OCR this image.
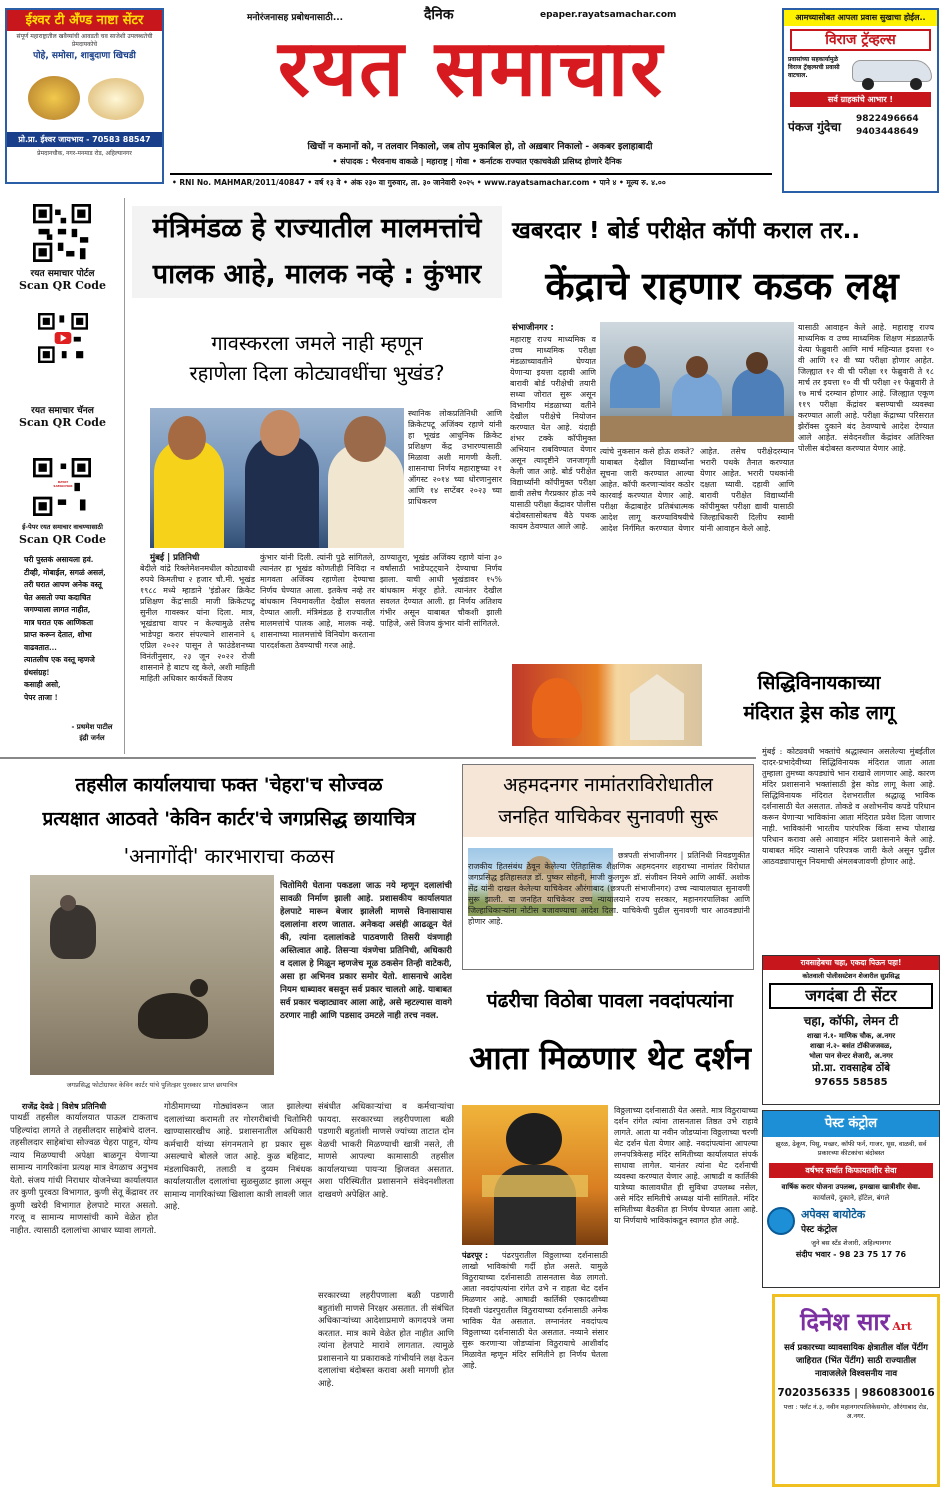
ईश्वर टी अँण्ड नाष्टा सेंटर
संपूर्ण महाराष्ट्रातील खवैय्यांची आवडती चव साजेशी उपलब्धतेची प्रेमदायकोचे
पोहे, समोसा, शाबुदाणा खिचडी
प्रो.प्रा. ईश्वर जायभाय - 70583 88547
प्रेमदानचौक, नगर-मनमाड रोड, अहिल्यानगर
मनोरंजनासह प्रबोधनासाठी...	दैनिक	epaper.rayatsamachar.com
रयत समाचार
खिचों न कमानों को, न तलवार निकालो, जब तोप मुकाबिल हो, तो अख़बार निकालो - अकबर इलाहाबादी
• संपादक : भैरवनाथ वाकळे | महाराष्ट्र | गोवा • कर्नाटक राज्यात एकाचवेळी प्रसिध्द होणारे दैनिक
• RNI No. MAHMAR/2011/40847 • वर्ष १३ वे • अंक २३० वा गुरुवार, ता. ३० जानेवारी २०२५ • www.rayatsamachar.com • पाने ४ • मूल्य रु. ४.००
आमच्यासोबत आपला प्रवास सुखाचा होईल..
विराज ट्रॅव्हल्स
प्रवासांच्या सहकार्यामुळे विराज ट्रॅव्हल्सची प्रवासी वाटचाल.
सर्व ग्राहकांचे आभार !
पंकज गुंदेचा
9822496664
9403448649
रयत समाचार पोर्टल
Scan QR Code
रयत समाचार चॅनल
Scan QR Code
RAYAT SAMACHAR
ई-पेपर रयत समाचार वाचण्यासाठी
Scan QR Code
घरी पुस्तकं असायला हवं.
टीव्ही, मोबाईल, सगळं असलं,
तरी घरात आपण अनेक वस्तू
घेत असतो ज्या कदाचित
जगण्याला लागत नाहीत,
मात्र घरात एक आणिकता
प्राप्त करून देतात, शोभा
वाढवतात...
त्यातलीच एक वस्तू म्हणजे
ग्रंथसंग्रह!
कसाही असो,
पेपर ताजा !
- प्रथमेश पाटील
इंद्री जर्नल
मंत्रिमंडळ हे राज्यातील मालमत्तांचे
पालक आहे, मालक नव्हे : कुंभार
गावस्करला जमले नाही म्हणून
रहाणेला दिला कोट्यावधींचा भुखंड?
स्थानिक लोकप्रतिनिधी आणि क्रिकेटपटू अजिंक्य रहाणे यांनी हा भूखंड आधुनिक क्रिकेट प्रशिक्षण केंद्र उभारण्यासाठी मिळावा अशी मागणी केली. शासनाचा निर्णय महाराष्ट्रच्या २१ ऑगस्ट २०१४ च्या धोरणानुसार आणि १४ सप्टेंबर २०२३ च्या प्राधिकरण
मुंबई | प्रतिनिधी
बेदीले वांद्रे रिक्लेमेशनमधील कोट्यावधी रुपये किमतीचा २ हजार चौ.मी. भूखंड १९८८ मध्ये म्हाडाने 'इंडोअर क्रिकेट प्रशिक्षण केंद्र'साठी माजी क्रिकेटपटू सुनील गावस्कर यांना दिला. मात्र, भूखंडाचा वापर न केल्यामुळे तसेच भाडेपट्टा करार संपल्याने शासनाने ६ एप्रिल २०२२ पासून ते फाउंडेशनच्या विनंतीनुसार, २३ जून २०२२ रोजी शासनाने हे बाटप रद्द केले, अशी माहिती माहिती अधिकार कार्यकर्ते विजय
कुंभार यांनी दिली. त्यांनी पुढे सांगितले, त्यानंतर हा भूखंड कोणतीही निविदा न मागवता अजिंक्य रहाणेला देण्याचा निर्णय घेण्यात आला. इतकेच नव्हे तर बांधकाम नियमावलीत देखील सवलत देण्यात आली. मंत्रिमंडळ हे राज्यातील मालमत्तांचे पालक आहे, मालक नव्हे. शासनाच्या मालमत्तांचे विनियोग करताना पारदर्शकता ठेवण्याची गरज आहे.
ठाण्यातुरा, भूखंड अजिंक्य रहाणे यांना ३० वर्षांसाठी भाडेपट्ट्याने देण्याचा निर्णय झाला. याची आधी भूखंडावर १५% बांधकाम मंजूर होते. त्यानंतर देखील सवलत देण्यात आली. हा निर्णय अतिशय गंभीर असून याबाबत चौकशी झाली पाहिजे, असे विजय कुंभार यांनी सांगितले.
खबरदार ! बोर्ड परीक्षेत कॉपी कराल तर..
केंद्राचे राहणार कडक लक्ष
संभाजीनगर :
महाराष्ट्र राज्य माध्यमिक व उच्च माध्यमिक परीक्षा मंडळाच्यावतीने घेण्यात येणाऱ्या इयत्ता दहावी आणि बारावी बोर्ड परीक्षेची तयारी सध्या जोरात सुरू असून विभागीय मंडळाच्या वतीने देखील परीक्षेचे नियोजन करण्यात येत आहे. यंदाही शंभर टक्के कॉपीमुक्त अभियान राबविण्यात येणार असून त्यादृष्टीने जनजागृती केली जात आहे. बोर्ड परीक्षेत विद्यार्थ्यांनी कॉपीमुक्त परीक्षा द्यावी तसेच गैरप्रकार होऊ नये यासाठी परीक्षा केंद्रावर पोलीस बंदोबस्तासोबतच बैठे पथक कायम ठेवण्यात आले आहे.
त्यांचे नुकसान कसे होऊ शकते? याबाबत देखील विद्यार्थ्यांना सूचना जारी करण्यात आल्या आहेत. कॉपी करणाऱ्यांवर कठोर कारवाई करण्यात येणार आहे. परीक्षा केंद्राबाहेर प्रतिबंधात्मक आदेश लागू करण्याविषयीचे आदेश निर्गमित करण्यात येणार आहेत. तसेच परीक्षेदरम्यान भरारी पथके तैनात करण्यात येणार आहेत. भरारी पथकांनी दक्षता घ्यावी. दहावी आणि बारावी परीक्षेत विद्यार्थ्यांनी कॉपीमुक्त परीक्षा द्यावी यासाठी जिल्हाधिकारी दिलीप स्वामी यांनी आवाहन केले आहे.
यासाठी आवाहन केले आहे. महाराष्ट्र राज्य माध्यमिक व उच्च माध्यमिक शिक्षण मंडळातर्फे येत्या फेब्रुवारी आणि मार्च महिन्यात इयत्ता १० वी आणि १२ वी च्या परीक्षा होणार आहेत. जिल्ह्यात १२ वी ची परीक्षा ११ फेब्रुवारी ते १८ मार्च तर इयत्ता १० वी ची परीक्षा २१ फेब्रुवारी ते १७ मार्च दरम्यान होणार आहे. जिल्ह्यात एकूण ११९ परीक्षा केंद्रांवर बसण्याची व्यवस्था करण्यात आली आहे. परीक्षा केंद्राच्या परिसरात झेरॉक्स दुकाने बंद ठेवण्याचे आदेश देण्यात आले आहेत. संवेदनशील केंद्रांवर अतिरिक्त पोलीस बंदोबस्त करण्यात येणार आहे.
सिद्धिविनायकाच्या
मंदिरात ड्रेस कोड लागू
मुंबई : कोट्यवधी भक्तांचे श्रद्धास्थान असलेल्या मुंबईतील दादर-प्रभादेवीच्या सिद्धिविनायक मंदिरात जाता आता तुम्हाला तुमच्या कपड्यांचे भान राखावे लागणार आहे. कारण मंदिर प्रशासनाने भक्तांसाठी ड्रेस कोड लागू केला आहे. सिद्धिविनायक मंदिरात देशभरातील श्रद्धाळू भाविक दर्शनासाठी येत असतात. तोकडे व अशोभनीय कपडे परिधान करून येणाऱ्या भाविकांना आता मंदिरात प्रवेश दिला जाणार नाही. भाविकांनी भारतीय पारंपरिक किंवा सभ्य पोशाख परिधान करावा असे आवाहन मंदिर प्रशासनाने केले आहे. याबाबत मंदिर न्यासाने परिपत्रक जारी केले असून पुढील आठवड्यापासून नियमाची अंमलबजावणी होणार आहे.
तहसील कार्यालयाचा फक्त 'चेहरा'च सोज्वळ
प्रत्यक्षात आठवते 'केविन कार्टर'चे जगप्रसिद्ध छायाचित्र
'अनागोंदी' कारभाराचा कळस
जगप्रसिद्ध फोटोग्राफर केविन कार्टर यांचे पुलित्झर पुरस्कार प्राप्त छायाचित्र
चितोमिरी घेताना पकडला जाऊ नये म्हणून दलालांची सावळी निर्माण झाली आहे. प्रशासकीय कार्यालयात हेलपाटे मारून बेजार झालेली माणसे विनासायास दलालांना शरण जातात. अनेकदा असंही आढळून येतं की, त्यांना दलालांकडे पाठवणारी तिसरी यंत्रणाही अस्तित्वात आहे. तिसऱ्या यंत्रणेचा प्रतिनिधी, अधिकारी व दलाल हे मिळून म्हणजेच मूळ ठकसेन तिन्ही वाटेकरी, असा हा अभिनव प्रकार समोर येतो. शासनाचे आदेश नियम धाब्यावर बसवून सर्व प्रकार चालतो आहे. याबाबत सर्व प्रकार चव्हाट्यावर आला आहे, असे म्हटल्यास वावगे ठरणार नाही आणि पडसाद उमटले नाही तरच नवल.
राजेंद्र देवढे | विशेष प्रतिनिधी
पाथर्डी तहसील कार्यालयात पाऊल टाकताच पहिल्यांदा लागते ते तहसीलदार साहेबांचे दालन. तहसीलदार साहेबांचा सोज्वळ चेहरा पाहून, योग्य न्याय मिळण्याची अपेक्षा बाळगून येणाऱ्या सामान्य नागरिकांना प्रत्यक्ष मात्र वेगळाच अनुभव येतो. संजय गांधी निराधार योजनेच्या कार्यालयात तर कुणी पुरवठा विभागात, कुणी सेतू केंद्रावर तर कुणी खरेदी विभागात हेलपाटे मारत असतो. गरजू व सामान्य माणसांची कामे वेळेत होत नाहीत. त्यासाठी दलालांचा आधार घ्यावा लागतो.
गोठीमागच्या गोठ्यांवरून जात झालेल्या दलालांच्या करामती तर गोरगरीबांची चितोमिरी खाण्यासारखीच आहे. प्रशासनातील अधिकारी कर्मचारी यांच्या संगनमताने हा प्रकार सुरू असल्याचे बोलले जात आहे. कुळ बहिवाट, मंडलाधिकारी, तलाठी व दुय्यम निबंधक कार्यालयातील दलालांचा सुळसुळाट झाला असून सामान्य नागरिकांच्या खिशाला कात्री लावली जात आहे.
संबंधीत अधिकाऱ्यांचा व कर्मचाऱ्यांचा फायदा. सरकारच्या लहरीपणाला बळी पडणारी बहुतांशी माणसे ज्यांच्या ताटात दोन वेळची भाकरी मिळण्याची खात्री नसते, ती माणसे आपल्या कामासाठी तहसील कार्यालयाच्या पायऱ्या झिजवत असतात. अशा परिस्थितीत प्रशासनाने संवेदनशीलता दाखवणे अपेक्षित आहे.
सरकारच्या लहरीपणाला बळी पडणारी बहुतांशी माणसे निरक्षर असतात. ती संबंधित अधिकाऱ्यांच्या आदेशाप्रमाणे कागदपत्रे जमा करतात. मात्र कामे वेळेत होत नाहीत आणि त्यांना हेलपाटे मारावे लागतात. त्यामुळे प्रशासनाने या प्रकाराकडे गांभीर्याने लक्ष देऊन दलालांचा बंदोबस्त करावा अशी मागणी होत आहे.
अहमदनगर नामांतराविरोधातील
जनहित याचिकेवर सुनावणी सुरू
छत्रपती संभाजीनगर | प्रतिनिधी निवडणुकीत राजकीय हितसंबंध ठेवून केलेल्या ऐतिहासिक शैक्षणिक अहमदनगर शहराच्या नामांतर विरोधात जगप्रसिद्ध इतिहासतज्ञ डॉ. पुष्कर सोहनी, माजी कुलगुरू डॉ. संजीवन नियमे आणि आर्की. अशोक सेंद्र यांनी दाखल केलेल्या याचिकेवर औरंगाबाद (छत्रपती संभाजीनगर) उच्च न्यायालयात सुनावणी सुरू झाली. या जनहित याचिकेवर उच्च न्यायालयाने राज्य सरकार, महानगरपालिका आणि जिल्हाधिकाऱ्यांना नोटीस बजावण्याचा आदेश दिला. याचिकेची पुढील सुनावणी चार आठवड्यांनी होणार आहे.
रावसाहेबचा चहा, एकदा पिऊन पहा!
कोतवाली पोलीसस्टेशन शेजारील सुप्रसिद्ध
जगदंबा टी सेंटर
चहा, कॉफी, लेमन टी
शाखा नं.१- माणिक चौक, अ.नगर
शाखा नं.२- बसंत टॉकीजजवळ,
भोला पान सेन्टर शेजारी, अ.नगर
प्रो.प्रा. रावसाहेब ठोंबे
97655 58585
पेस्ट कंट्रोल
झुरळ, ढेकूण, पिसू, मच्छर, कॉफी फर्न, गाजर, घूस, वाळवी, सर्व प्रकारच्या कीटकांचा बंदोबस्त
वर्षभर सर्वात किफायतशीर सेवा
वार्षिक करार योजना उपलब्ध, हमखास खात्रीशीर सेवा.
कार्यालये, दुकाने, हॉटेल, बंगले
अपेक्स बायोटेक
पेस्ट कंट्रोल
जुने बस स्टँड शेजारी, अहिल्यानगर
संदीप भवार - 98 23 75 17 76
दिनेश सार Art
सर्व प्रकारच्या व्यावसायिक क्षेत्रातील वॉल पेंटींग जाहिरात (भिंत पेंटींग) साठी राज्यातील नावाजलेले विश्वसनीय नाव
7020356335 | 9860830016
पत्ता : फ्लॅट नं.३, नवीन महानगरपालिकेसमोर, औरंगाबाद रोड, अ.नगर.
पंढरीचा विठोबा पावला नवदांपत्यांना
आता मिळणार थेट दर्शन
पंढरपूर :	पंढरपुरातील विठ्ठलाच्या दर्शनासाठी लाखो भाविकांची गर्दी होत असते. यामुळे विठुरायाच्या दर्शनासाठी तासनतास वेळ लागतो. आता नवदांपत्यांना रांगेत उभे न राहता थेट दर्शन मिळणार आहे. आषाढी कार्तिकी एकादशीच्या दिवशी पंढरपुरातील विठुरायाच्या दर्शनासाठी अनेक भाविक येत असतात. लग्नानंतर नवदांपत्य विठ्ठलाच्या दर्शनासाठी येत असतात. नव्याने संसार सुरू करणाऱ्या जोडप्यांना विठुरायाचे आशीर्वाद मिळावेत म्हणून मंदिर समितीने हा निर्णय घेतला आहे.
विठ्ठलाच्या दर्शनासाठी येत असते. मात्र विठुरायाच्या दर्शन रांगेत त्यांना तासनतास तिष्ठत उभे राहावे लागते. आता या नवीन जोडप्यांना विठ्ठलाच्या चरणी थेट दर्शन घेता येणार आहे. नवदांपत्यांना आपल्या लग्नपत्रिकेसह मंदिर समितीच्या कार्यालयात संपर्क साधावा लागेल. यानंतर त्यांना थेट दर्शनाची व्यवस्था करण्यात येणार आहे. आषाढी व कार्तिकी यात्रेच्या कालावधीत ही सुविधा उपलब्ध नसेल, असे मंदिर समितीचे अध्यक्ष यांनी सांगितले. मंदिर समितीच्या बैठकीत हा निर्णय घेण्यात आला आहे. या निर्णयाचे भाविकांकडून स्वागत होत आहे.
